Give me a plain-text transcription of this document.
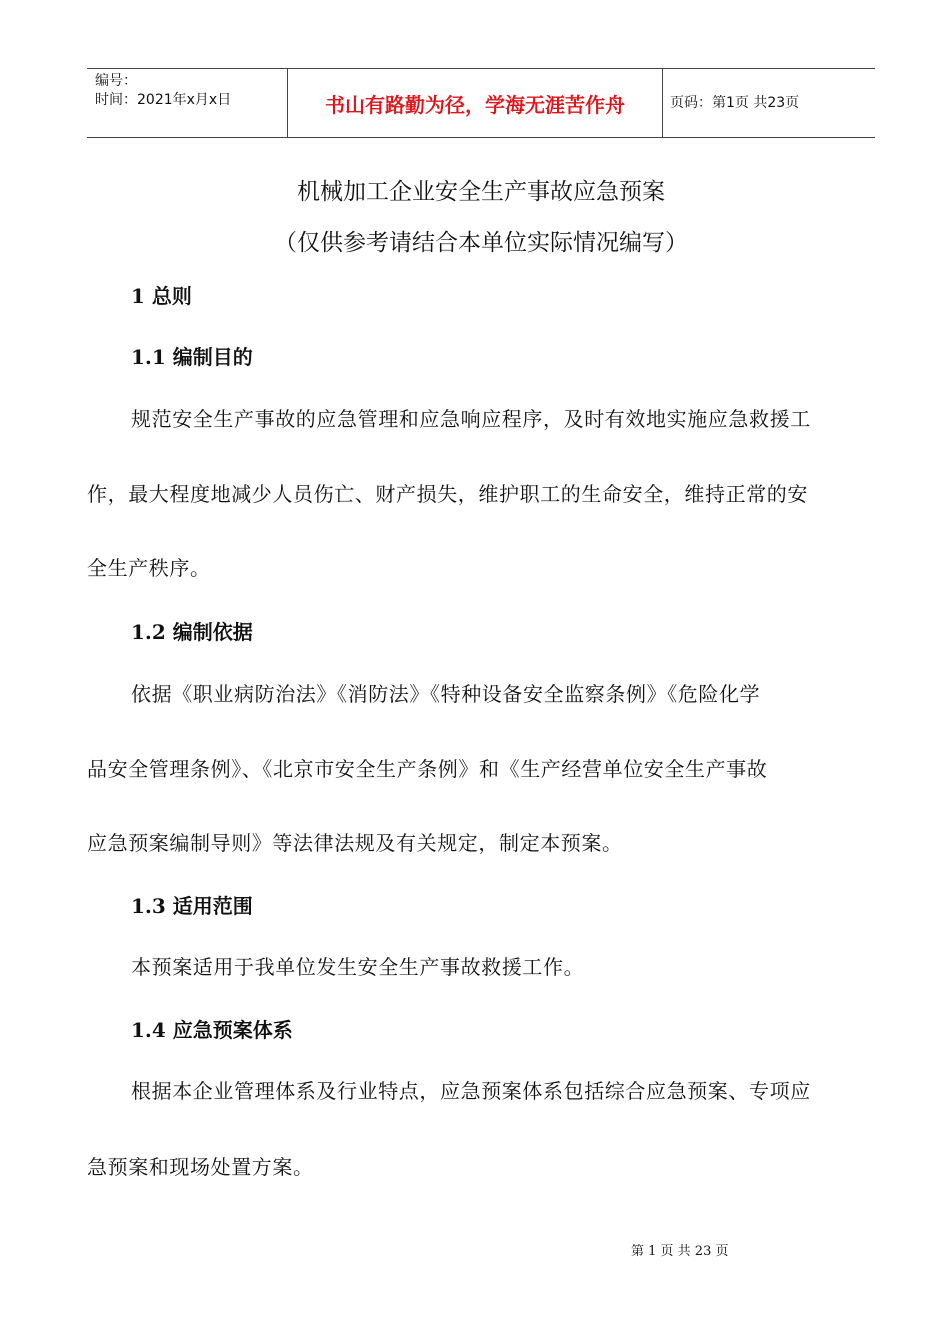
编号：
时间：2021年x月x日	书山有路勤为径，学海无涯苦作舟	页码：第1页 共23页
机械加工企业安全生产事故应急预案
（仅供参考请结合本单位实际情况编写）
1 总则
1.1 编制目的
规范安全生产事故的应急管理和应急响应程序，及时有效地实施应急救援工
作，最大程度地减少人员伤亡、财产损失，维护职工的生命安全，维持正常的安
全生产秩序。
1.2 编制依据
依据《职业病防治法》《消防法》《特种设备安全监察条例》《危险化学
品安全管理条例》、《北京市安全生产条例》和《生产经营单位安全生产事故
应急预案编制导则》等法律法规及有关规定，制定本预案。
1.3 适用范围
本预案适用于我单位发生安全生产事故救援工作。
1.4 应急预案体系
根据本企业管理体系及行业特点，应急预案体系包括综合应急预案、专项应
急预案和现场处置方案。
第 1 页 共 23 页
